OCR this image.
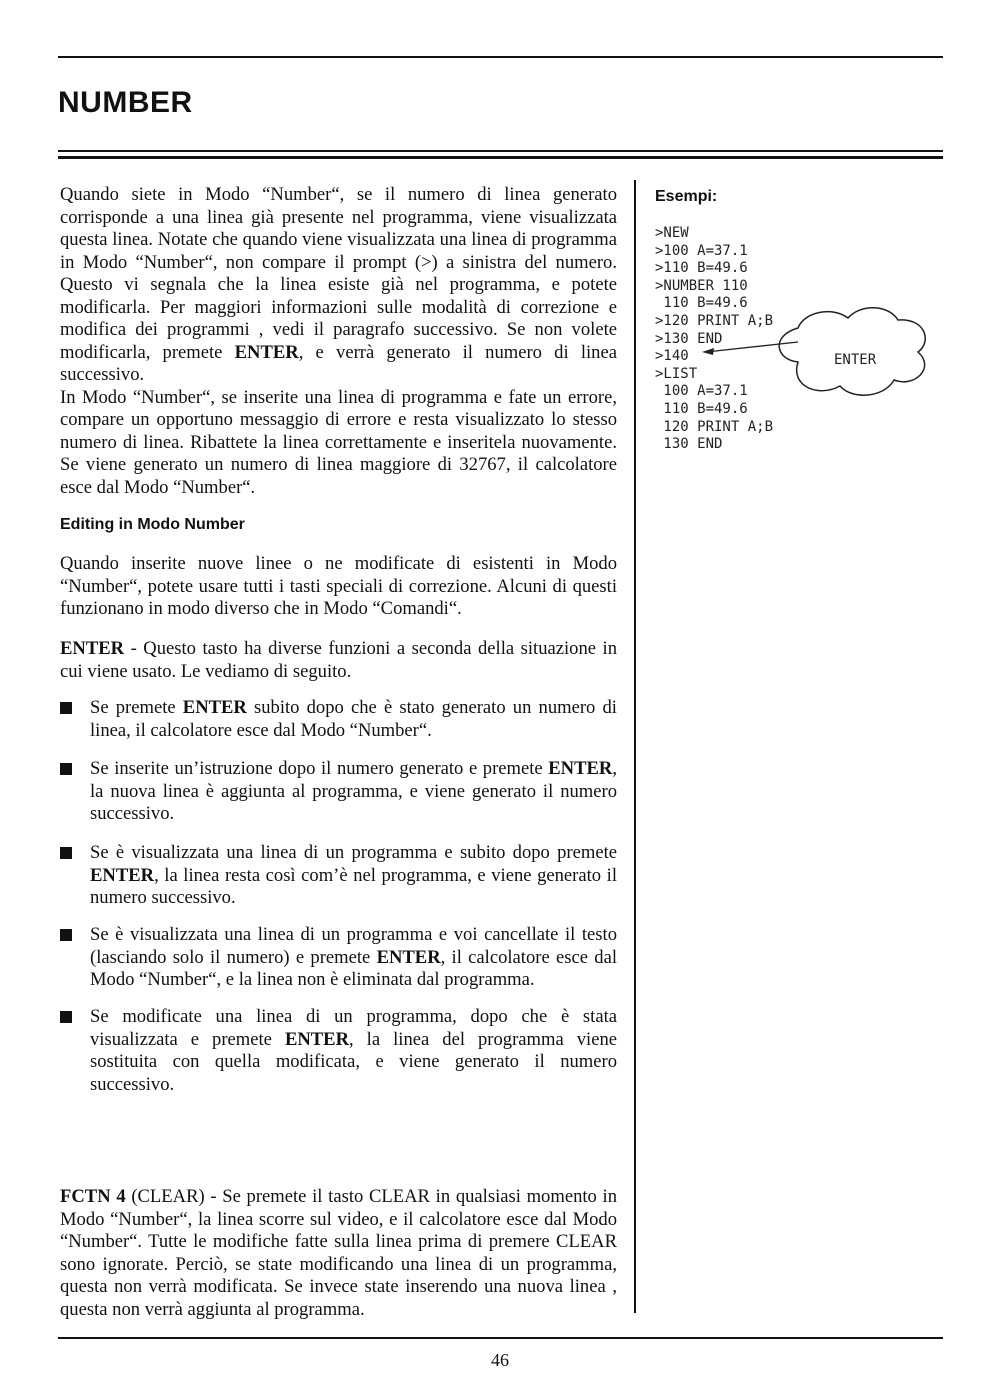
NUMBER

Quando siete in Modo “Number“, se il numero di linea generato corrisponde a una linea già presente nel programma, viene visualizzata questa linea. Notate che quando viene visualizzata una linea di programma in Modo “Number“, non compare il prompt (>) a sinistra del numero. Questo vi segnala che la linea esiste già nel programma, e potete modificarla. Per maggiori informazioni sulle modalità di correzione e modifica dei programmi , vedi il paragrafo successivo. Se non volete modificarla, premete ENTER, e verrà generato il numero di linea successivo.

In Modo “Number“, se inserite una linea di programma e fate un errore, compare un opportuno messaggio di errore e resta visualizzato lo stesso numero di linea. Ribattete la linea correttamente e inseritela nuovamente. Se viene generato un numero di linea maggiore di 32767, il calcolatore esce dal Modo “Number“.

Editing in Modo Number

Quando inserite nuove linee o ne modificate di esistenti in Modo “Number“, potete usare tutti i tasti speciali di correzione. Alcuni di questi funzionano in modo diverso che in Modo “Comandi“.

ENTER - Questo tasto ha diverse funzioni a seconda della situazione in cui viene usato. Le vediamo di seguito.

Se premete ENTER subito dopo che è stato generato un numero di linea, il calcolatore esce dal Modo “Number“.
Se inserite un’istruzione dopo il numero generato e premete ENTER, la nuova linea è aggiunta al programma, e viene generato il numero successivo.
Se è visualizzata una linea di un programma e subito dopo premete ENTER, la linea resta così com’è nel programma, e viene generato il numero successivo.
Se è visualizzata una linea di un programma e voi cancellate il testo (lasciando solo il numero) e premete ENTER, il calcolatore esce dal Modo “Number“, e la linea non è eliminata dal programma.
Se modificate una linea di un programma, dopo che è stata visualizzata e premete ENTER, la linea del programma viene sostituita con quella modificata, e viene generato il numero successivo.

FCTN 4 (CLEAR) - Se premete il tasto CLEAR in qualsiasi momento in Modo “Number“, la linea scorre sul video, e il calcolatore esce dal Modo “Number“. Tutte le modifiche fatte sulla linea prima di premere CLEAR sono ignorate. Perciò, se state modificando una linea di un programma, questa non verrà modificata. Se invece state inserendo una nuova linea , questa non verrà aggiunta al programma.

Esempi:
>NEW
>100 A=37.1
>110 B=49.6
>NUMBER 110
110 B=49.6
>120 PRINT A;B
>130 END
>140
>LIST
100 A=37.1
110 B=49.6
120 PRINT A;B
130 END
ENTER
46
